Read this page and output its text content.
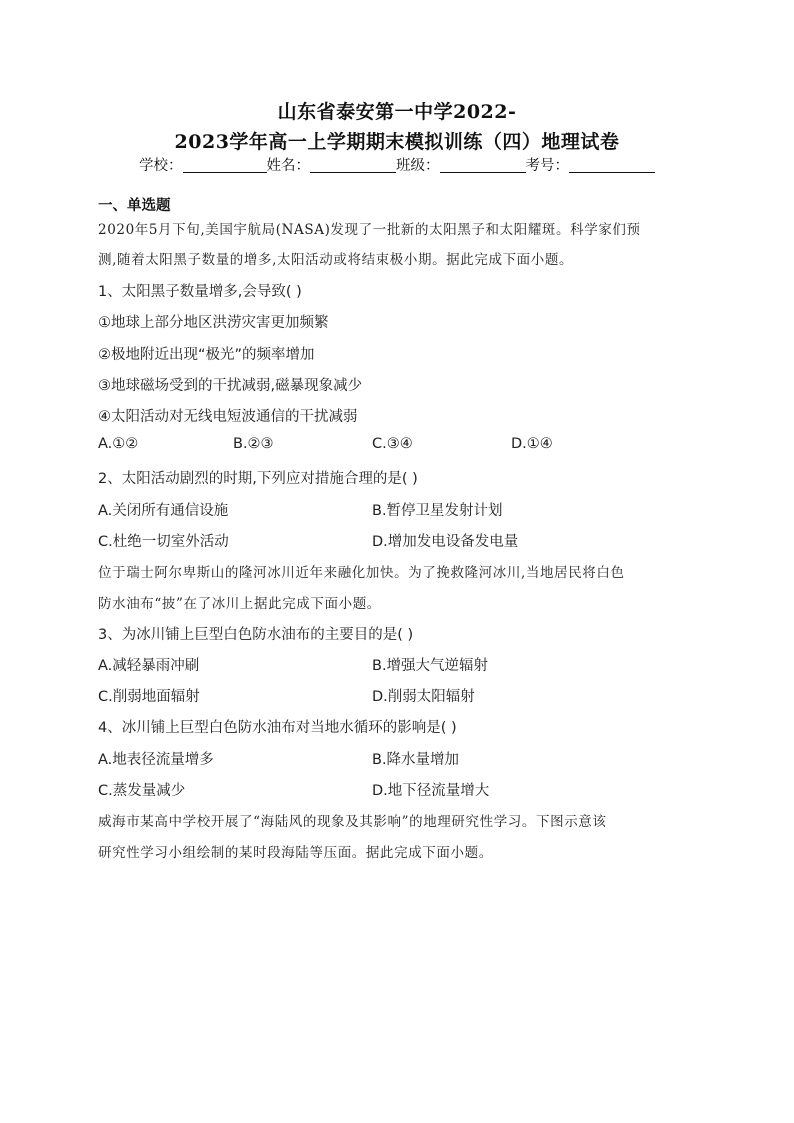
山东省泰安第一中学2022-
2023学年高一上学期期末模拟训练（四）地理试卷
学校：	姓名：	班级：	考号：
一、单选题
2020年5月下旬,美国宇航局(NASA)发现了一批新的太阳黑子和太阳耀斑。科学家们预
测,随着太阳黑子数量的增多,太阳活动或将结束极小期。据此完成下面小题。
1、太阳黑子数量增多,会导致( )
①地球上部分地区洪涝灾害更加频繁
②极地附近出现“极光”的频率增加
③地球磁场受到的干扰减弱,磁暴现象减少
④太阳活动对无线电短波通信的干扰减弱
A.①②	B.②③	C.③④	D.①④
2、太阳活动剧烈的时期,下列应对措施合理的是( )
A.关闭所有通信设施	B.暂停卫星发射计划
C.杜绝一切室外活动	D.增加发电设备发电量
位于瑞士阿尔卑斯山的隆河冰川近年来融化加快。为了挽救隆河冰川,当地居民将白色
防水油布“披”在了冰川上据此完成下面小题。
3、为冰川铺上巨型白色防水油布的主要目的是( )
A.减轻暴雨冲刷	B.增强大气逆辐射
C.削弱地面辐射	D.削弱太阳辐射
4、冰川铺上巨型白色防水油布对当地水循环的影响是( )
A.地表径流量增多	B.降水量增加
C.蒸发量减少	D.地下径流量增大
威海市某高中学校开展了“海陆风的现象及其影响”的地理研究性学习。下图示意该
研究性学习小组绘制的某时段海陆等压面。据此完成下面小题。
